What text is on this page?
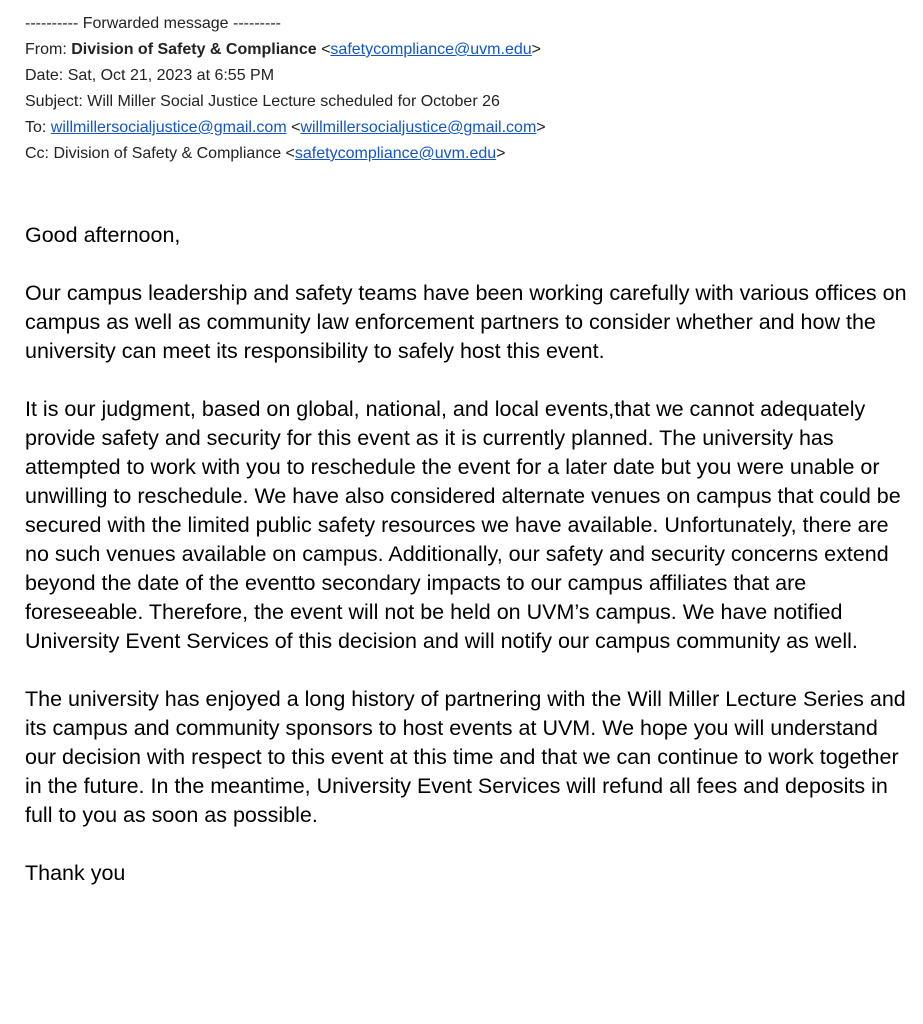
---------- Forwarded message ---------
From: Division of Safety & Compliance <safetycompliance@uvm.edu>
Date: Sat, Oct 21, 2023 at 6:55 PM
Subject: Will Miller Social Justice Lecture scheduled for October 26
To: willmillersocialjustice@gmail.com <willmillersocialjustice@gmail.com>
Cc: Division of Safety & Compliance <safetycompliance@uvm.edu>

Good afternoon,

Our campus leadership and safety teams have been working carefully with various offices on campus as well as community law enforcement partners to consider whether and how the university can meet its responsibility to safely host this event.

It is our judgment, based on global, national, and local events,that we cannot adequately provide safety and security for this event as it is currently planned. The university has attempted to work with you to reschedule the event for a later date but you were unable or unwilling to reschedule. We have also considered alternate venues on campus that could be secured with the limited public safety resources we have available. Unfortunately, there are no such venues available on campus. Additionally, our safety and security concerns extend beyond the date of the eventto secondary impacts to our campus affiliates that are foreseeable. Therefore, the event will not be held on UVM’s campus. We have notified University Event Services of this decision and will notify our campus community as well.

The university has enjoyed a long history of partnering with the Will Miller Lecture Series and its campus and community sponsors to host events at UVM. We hope you will understand our decision with respect to this event at this time and that we can continue to work together in the future. In the meantime, University Event Services will refund all fees and deposits in full to you as soon as possible.

Thank you
